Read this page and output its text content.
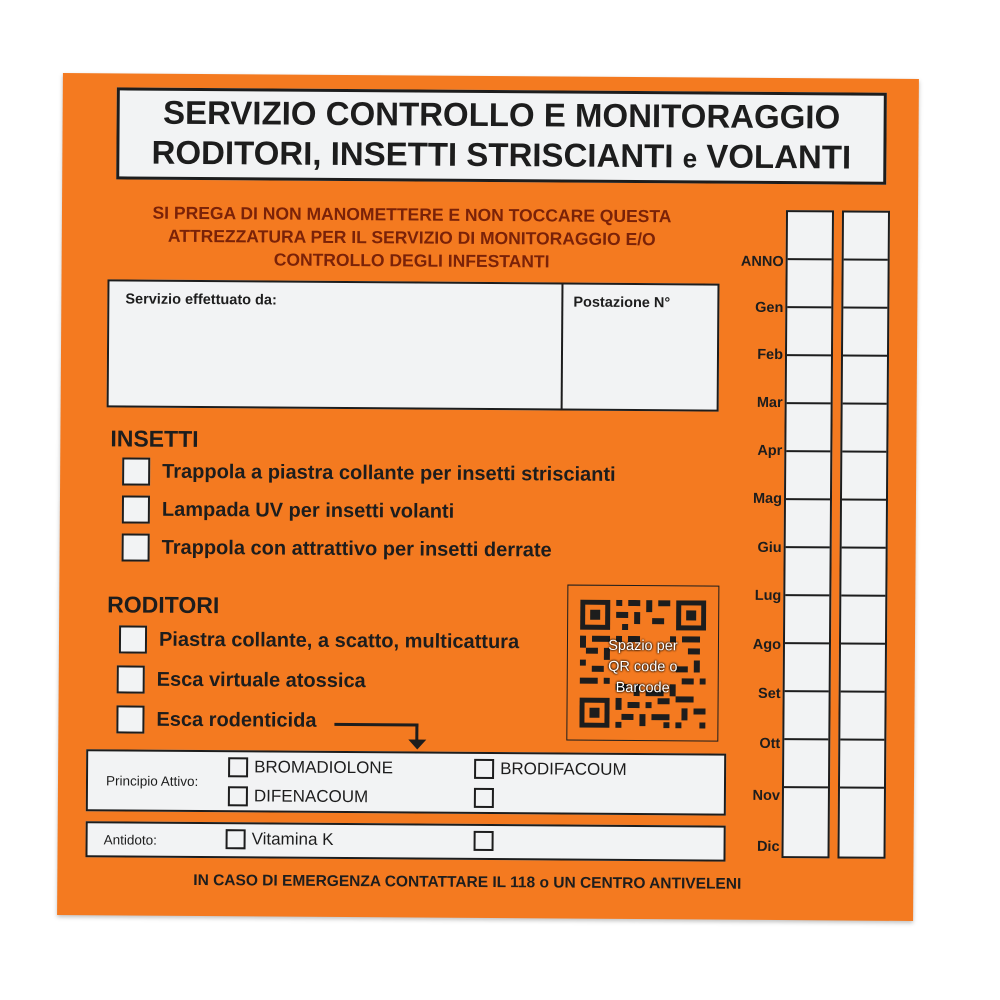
SERVIZIO CONTROLLO E MONITORAGGIO
RODITORI, INSETTI STRISCIANTI e VOLANTI
SI PREGA DI NON MANOMETTERE E NON TOCCARE QUESTA
ATTREZZATURA PER IL SERVIZIO DI MONITORAGGIO E/O
CONTROLLO DEGLI INFESTANTI
Servizio effettuato da:	Postazione N°
INSETTI
Trappola a piastra collante per insetti striscianti
Lampada UV per insetti volanti
Trappola con attrattivo per insetti derrate
RODITORI
Piastra collante, a scatto, multicattura
Esca virtuale atossica
Esca rodenticida
Spazio per
QR code o
Barcode
Principio Attivo:
BROMADIOLONE	BRODIFACOUM
DIFENACOUM
Antidoto:	Vitamina K
IN CASO DI EMERGENZA CONTATTARE IL 118 o UN CENTRO ANTIVELENI
ANNO
Gen
Feb
Mar
Apr
Mag
Giu
Lug
Ago
Set
Ott
Nov
Dic
